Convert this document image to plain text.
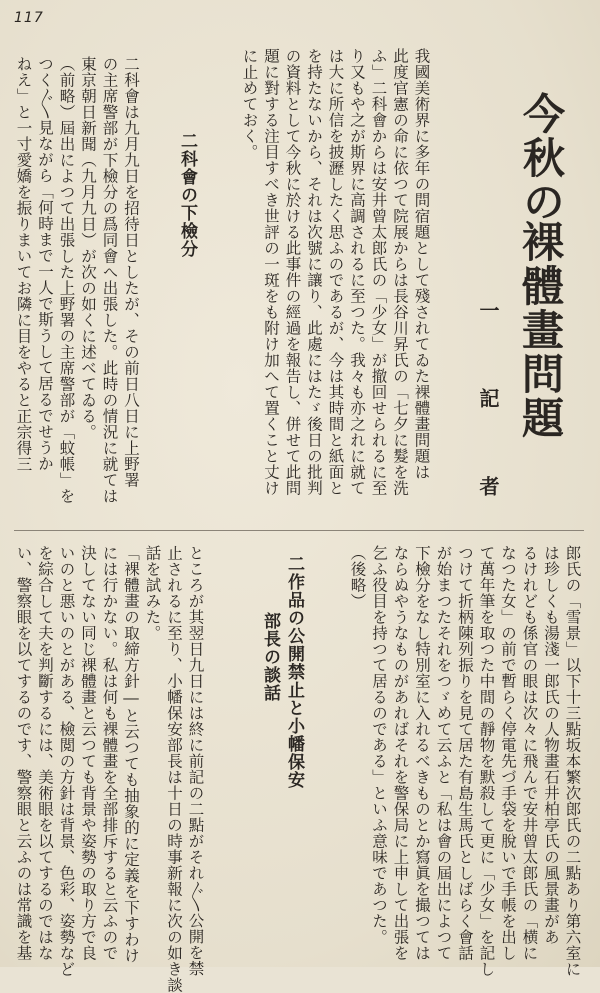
117
今秋の
裸體畫問題
一 記 者
我國美術界に多年の問宿題として殘されてゐた裸體畫問題は
此度官憲の命に依つて院展からは長谷川昇氏の「七夕に髮を洗
ふ」二科會からは安井曾太郎氏の「少女」が撤回せられるに至
り又もや之が斯界に高調されるに至つた。我々も亦之れに就て
は大に所信を披瀝したく思ふのであるが、今は其時間と紙面と
を持たないから、それは次號に讓り、此處にはたゞ後日の批判
の資料として今秋に於ける此事件の經過を報告し、併せて此問
題に對する注目すべき世評の一斑をも附け加へて置くこと丈け
に止めておく。
二科會の下檢分
二科會は九月九日を招待日としたが、その前日八日に上野署
の主席警部が下檢分の爲同會へ出張した。此時の情況に就ては
東京朝日新聞（九月九日）が次の如くに述べてゐる。
（前略）屆出によつて出張した上野署の主席警部が「蚊帳」を
つく〴〵見ながら「何時まで一人で斯うして居るでせうか
ねえ」と一寸愛嬌を振りまいてお隣に目をやると正宗得三
郎氏の「雪景」以下十三點坂本繁次郎氏の二點あり第六室に
は珍しくも湯淺一郎氏の人物畫石井柏亭氏の風景畫があ
るけれども係官の眼は次々に飛んで安井曾太郎氏の「横に
なつた女」の前で暫らく停電先づ手袋を脫いで手帳を出し
て萬年筆を取つた中間の靜物を默殺して更に「少女」を記し
つけて折柄陳列振りを見て居た有島生馬氏としばらく會話
が始まつたそれをつゞめて云ふと「私は會の屆出によつて
下檢分をなし特別室に入れるべきものとか寫眞を撮つては
ならぬやうなものがあればそれを警保局に上申して出張を
乞ふ役目を持つて居るのである」といふ意味であつた。
（後略）
二作品の公開禁止と小幡保安
部長の談話
ところが其翌日九日には終に前記の二點がそれ〴〵公開を禁
止されるに至り、小幡保安部長は十日の時事新報に次の如き談
話を試みた。
「裸體畫の取締方針―と云つても抽象的に定義を下すわけ
には行かない。私は何も裸體畫を全部排斥すると云ふので
決してない同じ裸體畫と云つても背景や姿勢の取り方で良
いのと悪いのとがある、檢閲の方針は背景、色彩、姿勢など
を綜合して夫を判斷するには、美術眼を以てするのではな
い、警察眼を以てするのです、警察眼と云ふのは常識を基
